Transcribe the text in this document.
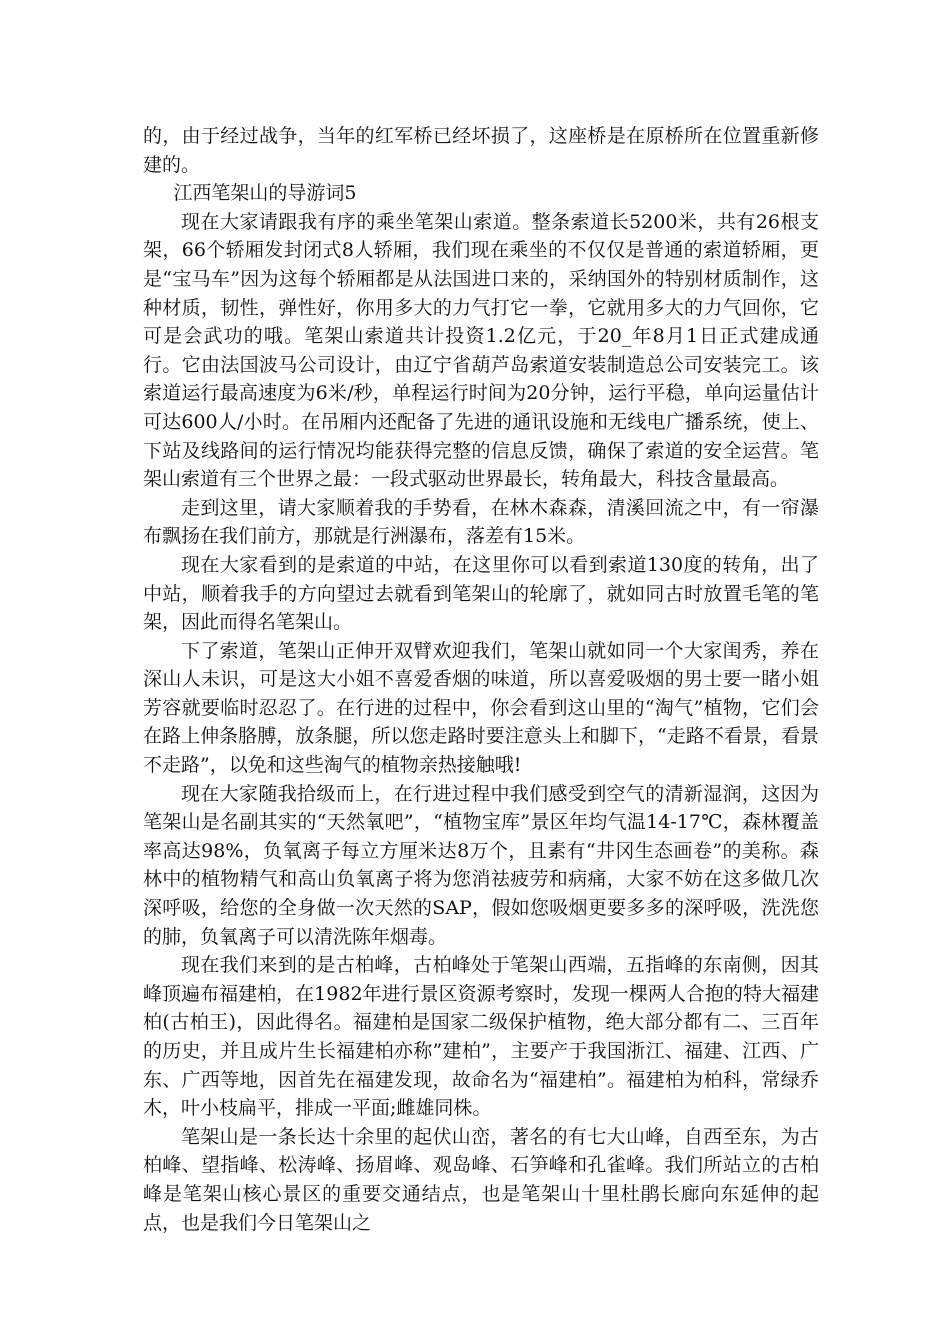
的，由于经过战争，当年的红军桥已经坏损了，这座桥是在原桥所在位置重新修建的。

江西笔架山的导游词5

现在大家请跟我有序的乘坐笔架山索道。整条索道长5200米，共有26根支架，66个轿厢发封闭式8人轿厢，我们现在乘坐的不仅仅是普通的索道轿厢，更是“宝马车”因为这每个轿厢都是从法国进口来的，采纳国外的特别材质制作，这种材质，韧性，弹性好，你用多大的力气打它一拳，它就用多大的力气回你，它可是会武功的哦。笔架山索道共计投资1.2亿元，于20_年8月1日正式建成通行。它由法国波马公司设计，由辽宁省葫芦岛索道安装制造总公司安装完工。该索道运行最高速度为6米/秒，单程运行时间为20分钟，运行平稳，单向运量估计可达600人/小时。在吊厢内还配备了先进的通讯设施和无线电广播系统，使上、下站及线路间的运行情况均能获得完整的信息反馈，确保了索道的安全运营。笔架山索道有三个世界之最：一段式驱动世界最长，转角最大，科技含量最高。

走到这里，请大家顺着我的手势看，在林木森森，清溪回流之中，有一帘瀑布飘扬在我们前方，那就是行洲瀑布，落差有15米。

现在大家看到的是索道的中站，在这里你可以看到索道130度的转角，出了中站，顺着我手的方向望过去就看到笔架山的轮廓了，就如同古时放置毛笔的笔架，因此而得名笔架山。

下了索道，笔架山正伸开双臂欢迎我们，笔架山就如同一个大家闺秀，养在深山人未识，可是这大小姐不喜爱香烟的味道，所以喜爱吸烟的男士要一睹小姐芳容就要临时忍忍了。在行进的过程中，你会看到这山里的“淘气”植物，它们会在路上伸条胳膊，放条腿，所以您走路时要注意头上和脚下，“走路不看景，看景不走路”，以免和这些淘气的植物亲热接触哦!

现在大家随我拾级而上，在行进过程中我们感受到空气的清新湿润，这因为笔架山是名副其实的“天然氧吧”，“植物宝库”景区年均气温14-17℃，森林覆盖率高达98%，负氧离子每立方厘米达8万个，且素有“井冈生态画卷”的美称。森林中的植物精气和高山负氧离子将为您消祛疲劳和病痛，大家不妨在这多做几次深呼吸，给您的全身做一次天然的SAP，假如您吸烟更要多多的深呼吸，洗洗您的肺，负氧离子可以清洗陈年烟毒。

现在我们来到的是古柏峰，古柏峰处于笔架山西端，五指峰的东南侧，因其峰顶遍布福建柏，在1982年进行景区资源考察时，发现一棵两人合抱的特大福建柏(古柏王)，因此得名。福建柏是国家二级保护植物，绝大部分都有二、三百年的历史，并且成片生长福建柏亦称”建柏”，主要产于我国浙江、福建、江西、广东、广西等地，因首先在福建发现，故命名为“福建柏”。福建柏为柏科，常绿乔木，叶小枝扁平，排成一平面;雌雄同株。

笔架山是一条长达十余里的起伏山峦，著名的有七大山峰，自西至东，为古柏峰、望指峰、松涛峰、扬眉峰、观岛峰、石笋峰和孔雀峰。我们所站立的古柏峰是笔架山核心景区的重要交通结点，也是笔架山十里杜鹃长廊向东延伸的起点，也是我们今日笔架山之
